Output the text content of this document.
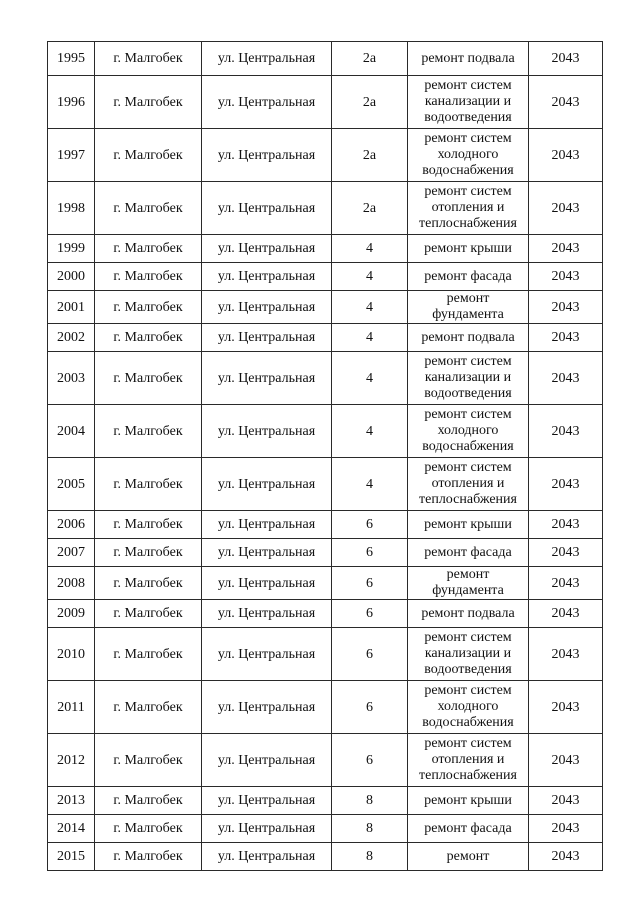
1995	г. Малгобек	ул. Центральная	2а	ремонт подвала	2043
1996	г. Малгобек	ул. Центральная	2а	ремонт систем
канализации и
водоотведения	2043
1997	г. Малгобек	ул. Центральная	2а	ремонт систем
холодного
водоснабжения	2043
1998	г. Малгобек	ул. Центральная	2а	ремонт систем
отопления и
теплоснабжения	2043
1999	г. Малгобек	ул. Центральная	4	ремонт крыши	2043
2000	г. Малгобек	ул. Центральная	4	ремонт фасада	2043
2001	г. Малгобек	ул. Центральная	4	ремонт
фундамента	2043
2002	г. Малгобек	ул. Центральная	4	ремонт подвала	2043
2003	г. Малгобек	ул. Центральная	4	ремонт систем
канализации и
водоотведения	2043
2004	г. Малгобек	ул. Центральная	4	ремонт систем
холодного
водоснабжения	2043
2005	г. Малгобек	ул. Центральная	4	ремонт систем
отопления и
теплоснабжения	2043
2006	г. Малгобек	ул. Центральная	6	ремонт крыши	2043
2007	г. Малгобек	ул. Центральная	6	ремонт фасада	2043
2008	г. Малгобек	ул. Центральная	6	ремонт
фундамента	2043
2009	г. Малгобек	ул. Центральная	6	ремонт подвала	2043
2010	г. Малгобек	ул. Центральная	6	ремонт систем
канализации и
водоотведения	2043
2011	г. Малгобек	ул. Центральная	6	ремонт систем
холодного
водоснабжения	2043
2012	г. Малгобек	ул. Центральная	6	ремонт систем
отопления и
теплоснабжения	2043
2013	г. Малгобек	ул. Центральная	8	ремонт крыши	2043
2014	г. Малгобек	ул. Центральная	8	ремонт фасада	2043
2015	г. Малгобек	ул. Центральная	8	ремонт	2043
